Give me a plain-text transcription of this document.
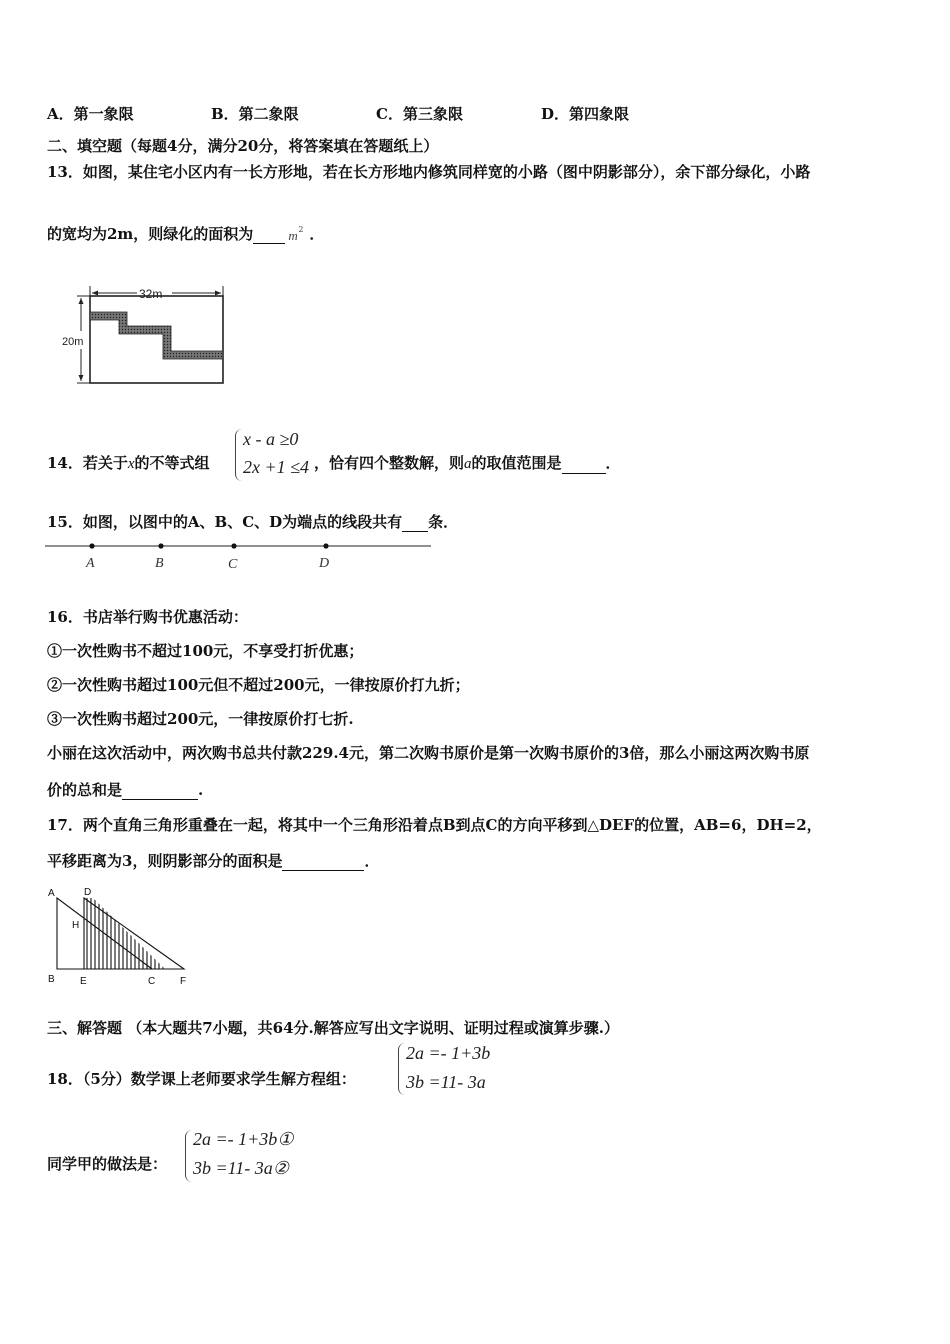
A．第一象限	B．第二象限	C．第三象限	D．第四象限
二、填空题（每题4分，满分20分，将答案填在答题纸上）
13．如图，某住宅小区内有一长方形地，若在长方形地内修筑同样宽的小路（图中阴影部分），余下部分绿化，小路
的宽均为2m，则绿化的面积为	m 2 ．
32m
20m
14．若关于x的不等式组
x - a ≥0
2x +1 ≤4 ，恰有四个整数解，则a的取值范围是	．
15．如图，以图中的A、B、C、D为端点的线段共有 条．
A	B	C	D
16．书店举行购书优惠活动：
①一次性购书不超过100元，不享受打折优惠；
②一次性购书超过100元但不超过200元，一律按原价打九折；
③一次性购书超过200元，一律按原价打七折.
小丽在这次活动中，两次购书总共付款229.4元，第二次购书原价是第一次购书原价的3倍，那么小丽这两次购书原
价的总和是	.
17．两个直角三角形重叠在一起，将其中一个三角形沿着点B到点C的方向平移到△DEF的位置，AB=6，DH=2，
平移距离为3，则阴影部分的面积是	．
A	D
H
B	E	C F
三、解答题 （本大题共7小题，共64分.解答应写出文字说明、证明过程或演算步骤.）
18．（5分）数学课上老师要求学生解方程组：
2a =- 1+3b
3b =11- 3a
同学甲的做法是：
2a =- 1+3b①
3b =11- 3a②
